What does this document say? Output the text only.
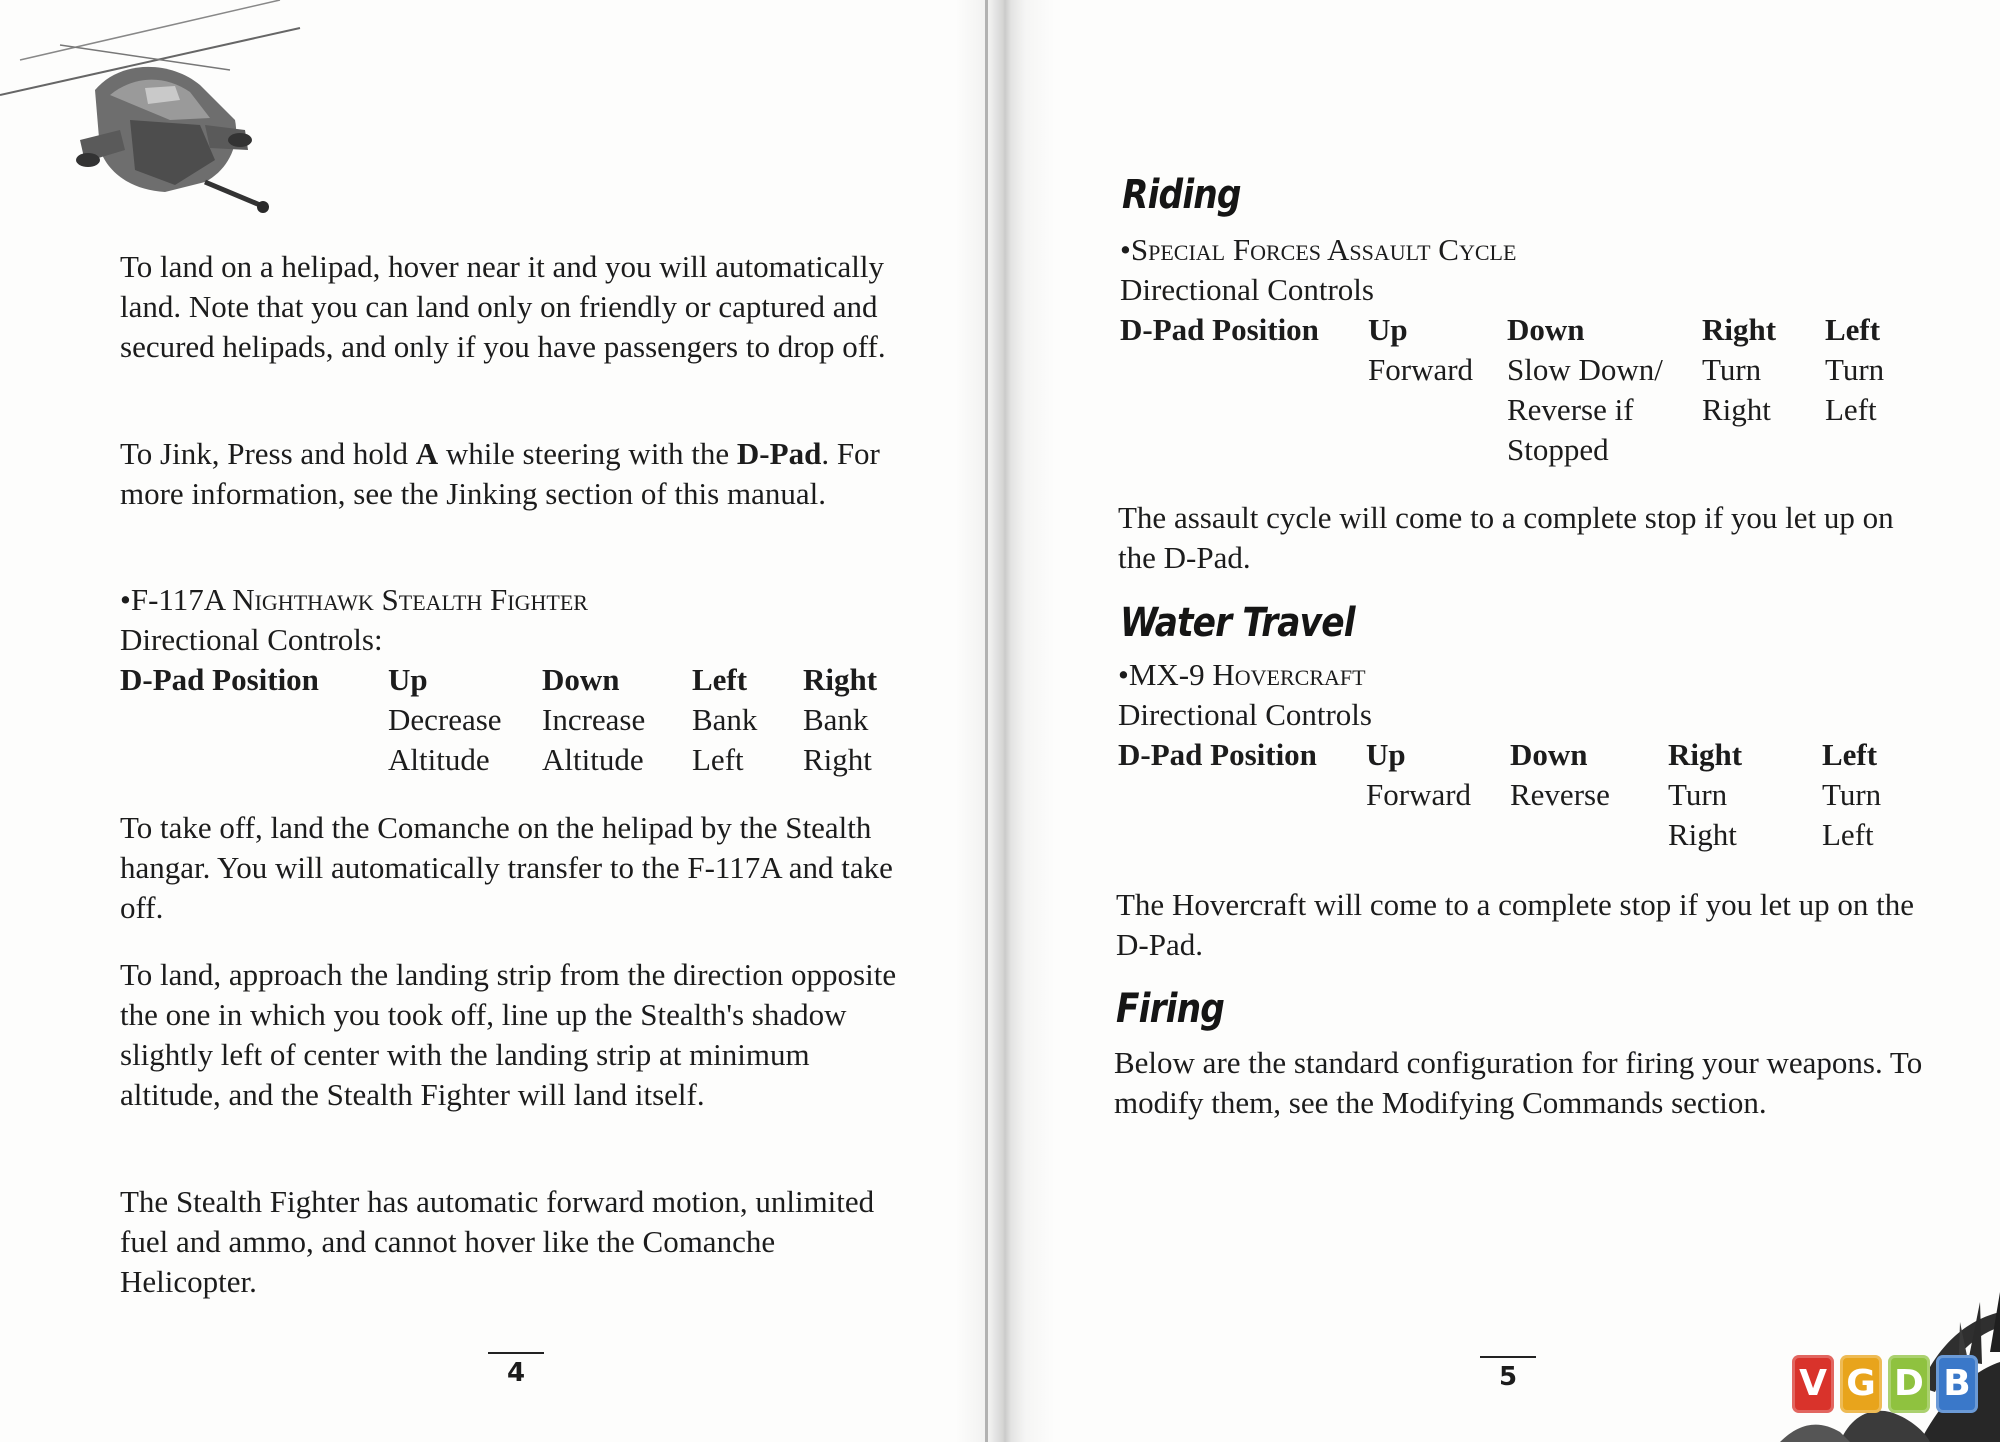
To land on a helipad, hover near it and you will automatically land. Note that you can land only on friendly or captured and secured helipads, and only if you have passengers to drop off.

To Jink, Press and hold A while steering with the D-Pad. For more information, see the Jinking section of this manual.

•F-117A Nighthawk Stealth Fighter
Directional Controls:
D-Pad Position Up
Decrease
Altitude
Down
Increase
Altitude
Left
Bank
Left
Right
Bank
Right

To take off, land the Comanche on the helipad by the Stealth hangar. You will automatically transfer to the F-117A and take off.

To land, approach the landing strip from the direction opposite the one in which you took off, line up the Stealth's shadow slightly left of center with the landing strip at minimum altitude, and the Stealth Fighter will land itself.

The Stealth Fighter has automatic forward motion, unlimited fuel and ammo, and cannot hover like the Comanche Helicopter.

4
Riding
•Special Forces Assault Cycle
Directional Controls
D-Pad Position Up
Forward
Down
Slow Down/
Reverse if
Stopped
Right
Turn
Right
Left
Turn
Left

The assault cycle will come to a complete stop if you let up on the D-Pad.

Water Travel
•MX-9 Hovercraft
Directional Controls
D-Pad Position Up
Forward
Down
Reverse
Right
Turn
Right
Left
Turn
Left

The Hovercraft will come to a complete stop if you let up on the D-Pad.

Firing

Below are the standard configuration for firing your weapons. To modify them, see the Modifying Commands section.

5	V G D B
